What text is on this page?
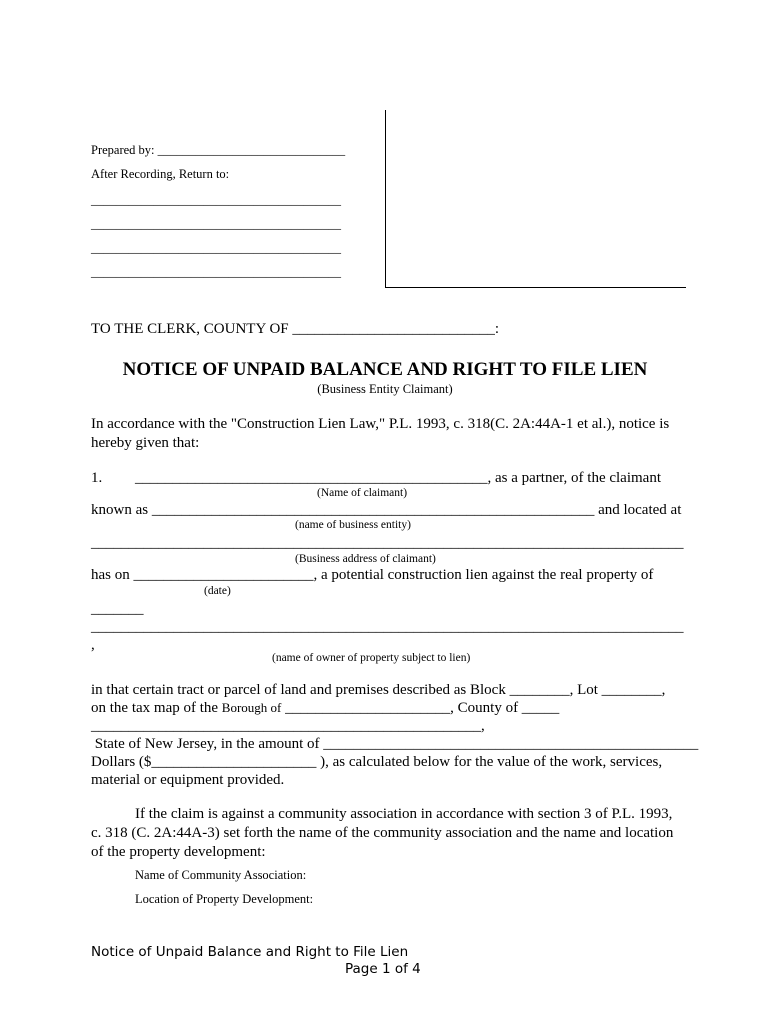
Prepared by: ______________________________
After Recording, Return to:
________________________________________
________________________________________
________________________________________
________________________________________
TO THE CLERK, COUNTY OF ___________________________:
NOTICE OF UNPAID BALANCE AND RIGHT TO FILE LIEN
(Business Entity Claimant)
In accordance with the "Construction Lien Law," P.L. 1993, c. 318(C. 2A:44A-1 et al.), notice is
hereby given that:
1. _______________________________________________, as a partner, of the claimant
(Name of claimant)
known as ___________________________________________________________ and located at
(name of business entity)
_______________________________________________________________________________
(Business address of claimant)
has on ________________________, a potential construction lien against the real property of
(date)
_______
_______________________________________________________________________________
,
(name of owner of property subject to lien)
in that certain tract or parcel of land and premises described as Block ________, Lot ________,
on the tax map of the Borough of ______________________, County of _____
____________________________________________________,
State of New Jersey, in the amount of __________________________________________________
Dollars ($______________________ ), as calculated below for the value of the work, services,
material or equipment provided.
If the claim is against a community association in accordance with section 3 of P.L. 1993,
c. 318 (C. 2A:44A-3) set forth the name of the community association and the name and location
of the property development:
Name of Community Association:
Location of Property Development:
Notice of Unpaid Balance and Right to File Lien
Page 1 of 4
